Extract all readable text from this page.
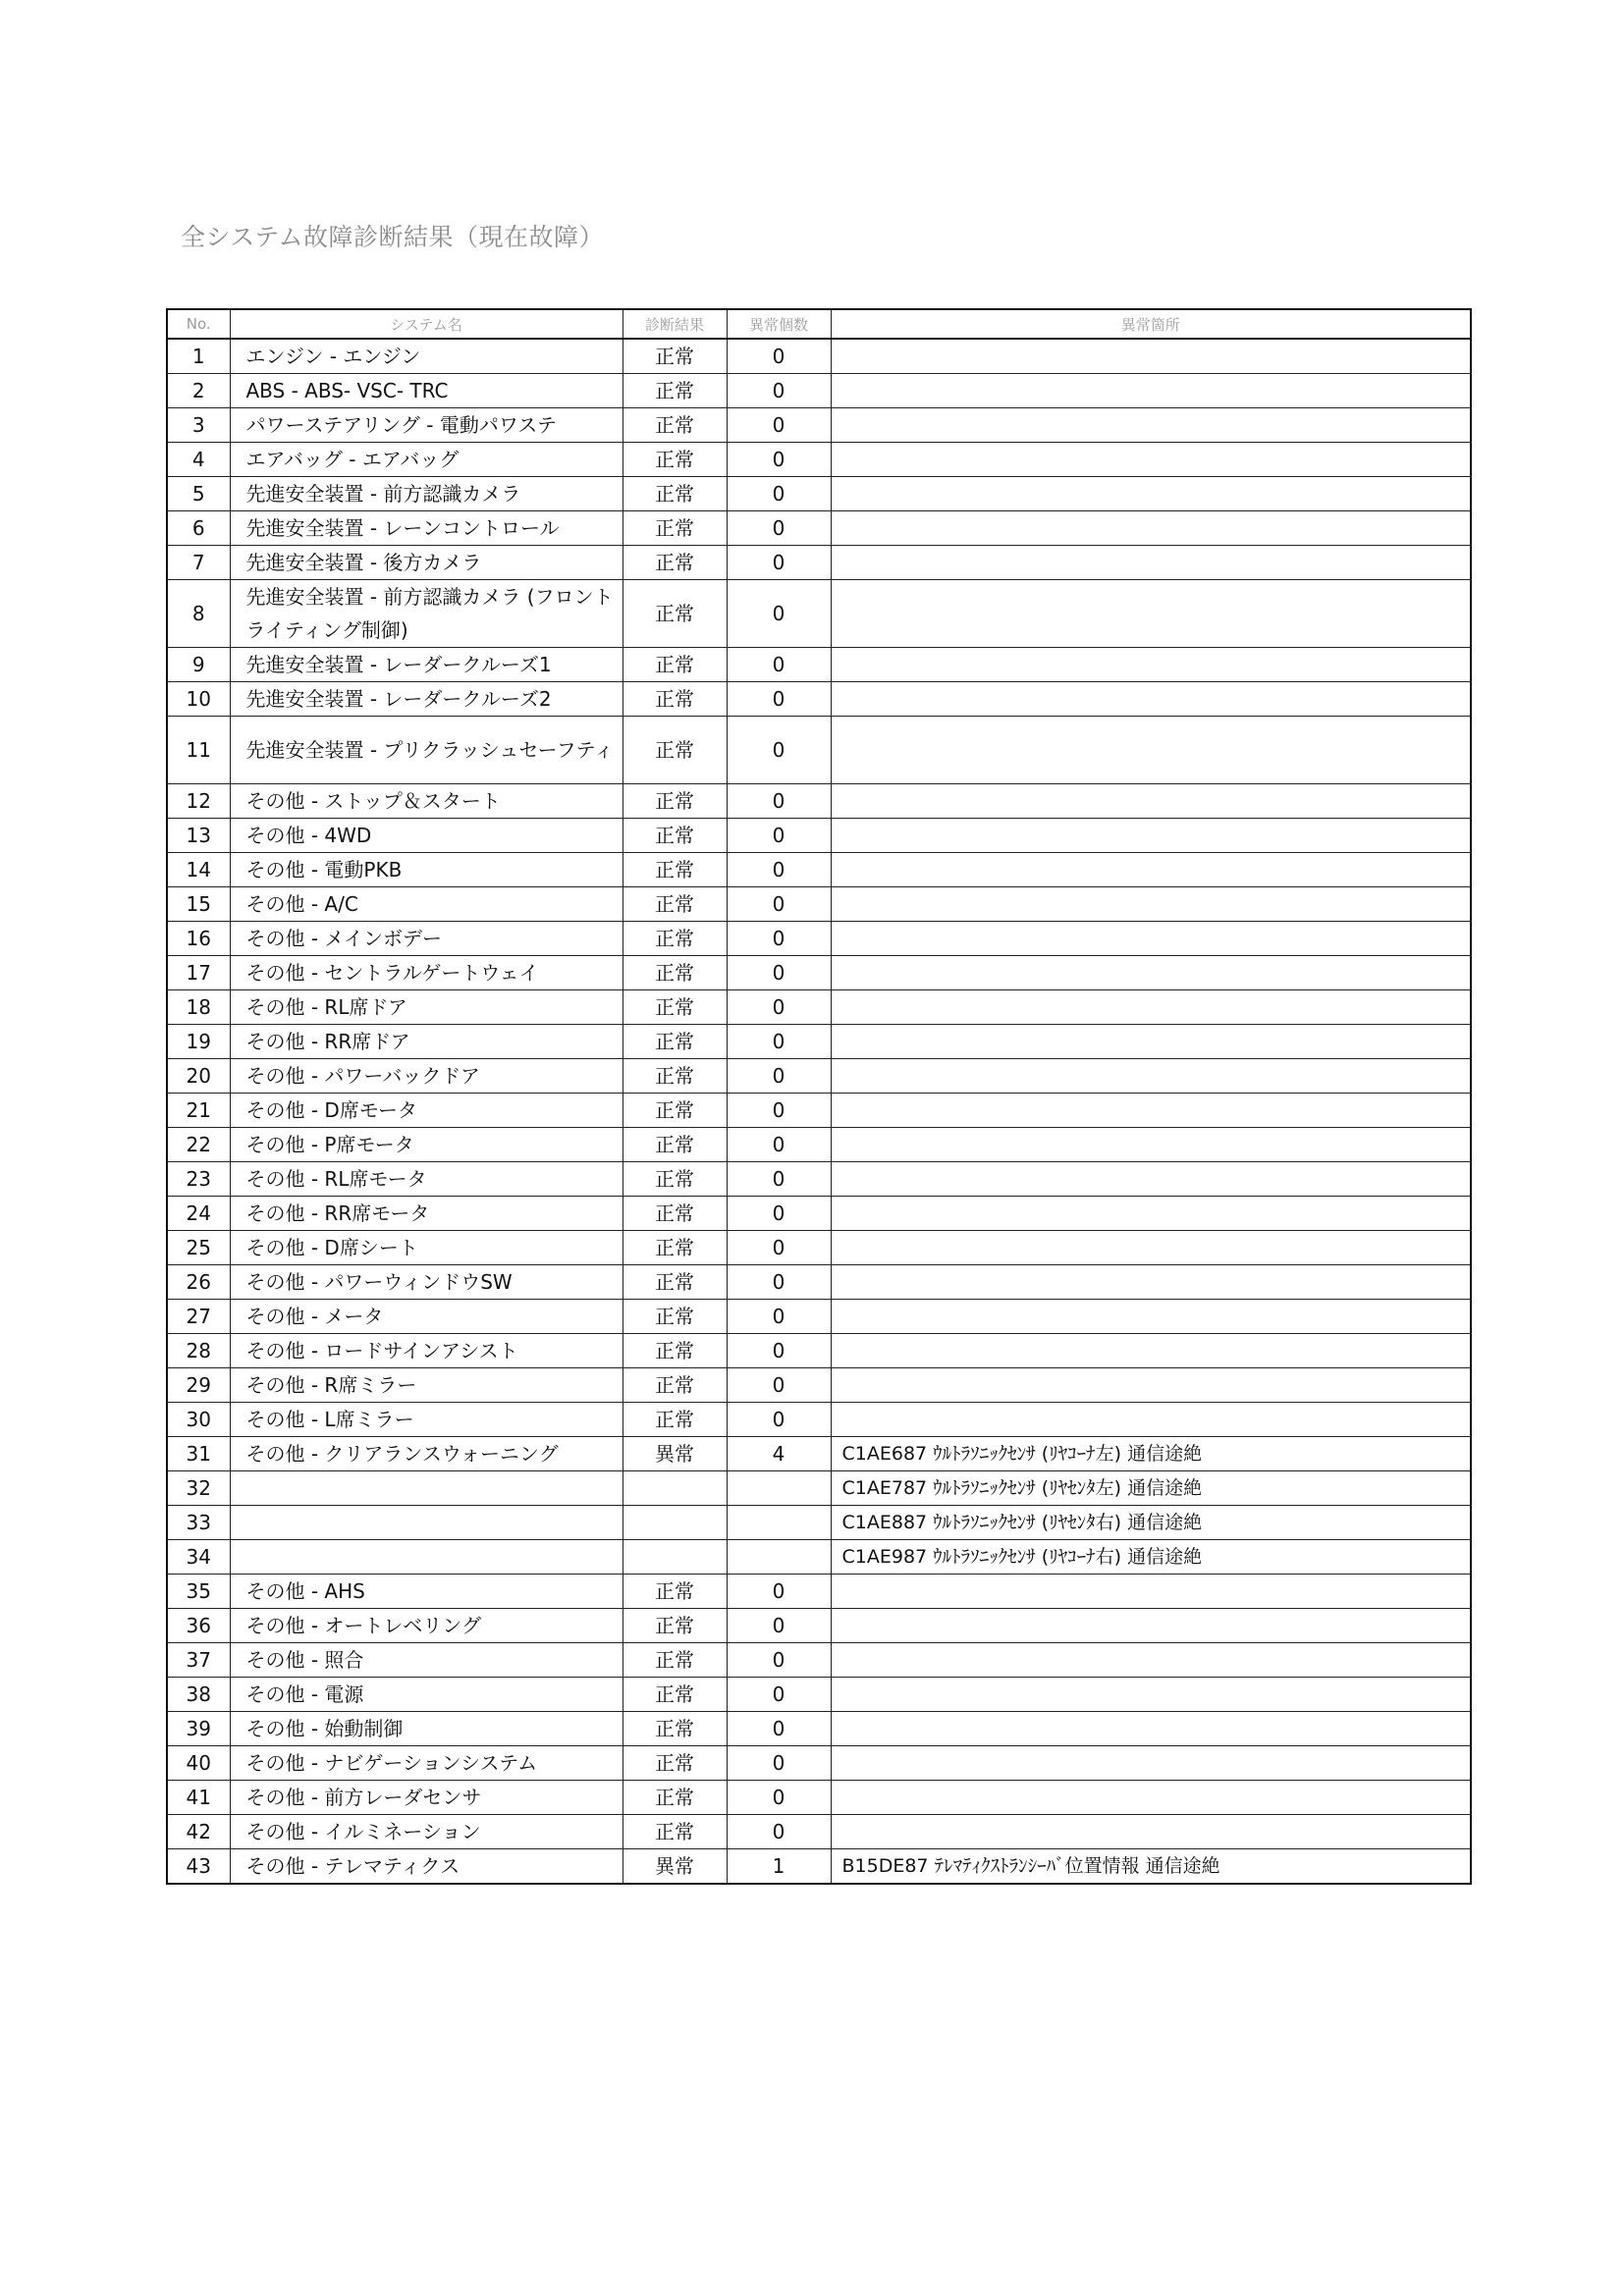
全システム故障診断結果（現在故障）
No.	システム名	診断結果	異常個数	異常箇所
1	エンジン - エンジン	正常	0	
2	ABS - ABS- VSC- TRC	正常	0	
3	パワーステアリング - 電動パワステ	正常	0	
4	エアバッグ - エアバッグ	正常	0	
5	先進安全装置 - 前方認識カメラ	正常	0	
6	先進安全装置 - レーンコントロール	正常	0	
7	先進安全装置 - 後方カメラ	正常	0	
8	先進安全装置 - 前方認識カメラ (フロントライティング制御)	正常	0	
9	先進安全装置 - レーダークルーズ1	正常	0	
10	先進安全装置 - レーダークルーズ2	正常	0	
11	先進安全装置 - プリクラッシュセーフティ	正常	0	
12	その他 - ストップ＆スタート	正常	0	
13	その他 - 4WD	正常	0	
14	その他 - 電動PKB	正常	0	
15	その他 - A/C	正常	0	
16	その他 - メインボデー	正常	0	
17	その他 - セントラルゲートウェイ	正常	0	
18	その他 - RL席ドア	正常	0	
19	その他 - RR席ドア	正常	0	
20	その他 - パワーバックドア	正常	0	
21	その他 - D席モータ	正常	0	
22	その他 - P席モータ	正常	0	
23	その他 - RL席モータ	正常	0	
24	その他 - RR席モータ	正常	0	
25	その他 - D席シート	正常	0	
26	その他 - パワーウィンドウSW	正常	0	
27	その他 - メータ	正常	0	
28	その他 - ロードサインアシスト	正常	0	
29	その他 - R席ミラー	正常	0	
30	その他 - L席ミラー	正常	0	
31	その他 - クリアランスウォーニング	異常	4	C1AE687 ｳﾙﾄﾗｿﾆｯｸｾﾝｻ (ﾘﾔｺｰﾅ左) 通信途絶
32				C1AE787 ｳﾙﾄﾗｿﾆｯｸｾﾝｻ (ﾘﾔｾﾝﾀ左) 通信途絶
33				C1AE887 ｳﾙﾄﾗｿﾆｯｸｾﾝｻ (ﾘﾔｾﾝﾀ右) 通信途絶
34				C1AE987 ｳﾙﾄﾗｿﾆｯｸｾﾝｻ (ﾘﾔｺｰﾅ右) 通信途絶
35	その他 - AHS	正常	0	
36	その他 - オートレベリング	正常	0	
37	その他 - 照合	正常	0	
38	その他 - 電源	正常	0	
39	その他 - 始動制御	正常	0	
40	その他 - ナビゲーションシステム	正常	0	
41	その他 - 前方レーダセンサ	正常	0	
42	その他 - イルミネーション	正常	0	
43	その他 - テレマティクス	異常	1	B15DE87 ﾃﾚﾏﾃｨｸｽﾄﾗﾝｼｰﾊﾞ位置情報 通信途絶
